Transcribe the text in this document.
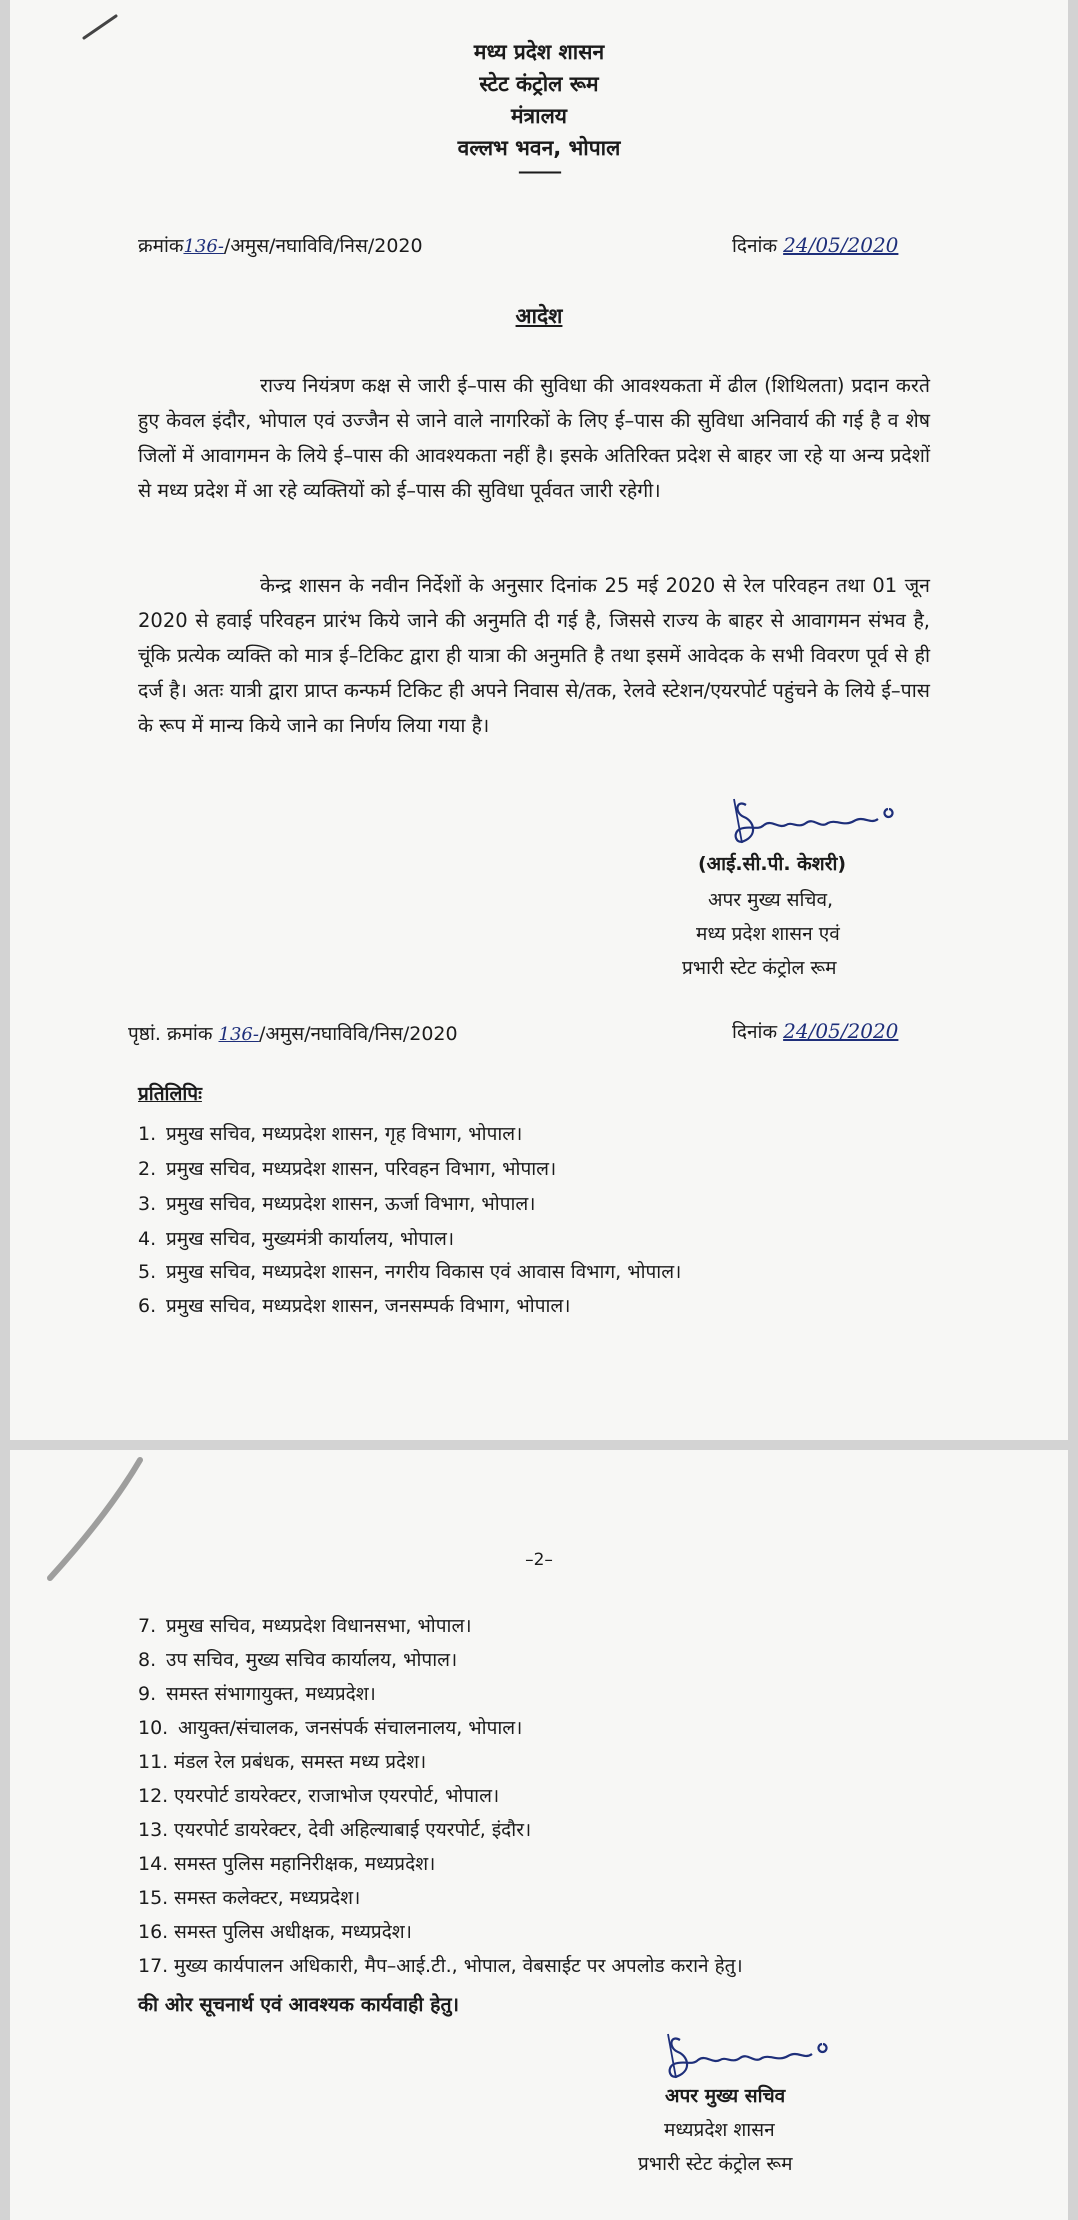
मध्य प्रदेश शासन

स्टेट कंट्रोल रूम

मंत्रालय

वल्लभ भवन, भोपाल

———

क्रमांक136-/अमुस/नघाविवि/निस/2020	दिनांक 24/05/2020

आदेश

राज्य नियंत्रण कक्ष से जारी ई–पास की सुविधा की आवश्यकता में ढील (शिथिलता) प्रदान करते हुए केवल इंदौर, भोपाल एवं उज्जैन से जाने वाले नागरिकों के लिए ई–पास की सुविधा अनिवार्य की गई है व शेष जिलों में आवागमन के लिये ई–पास की आवश्यकता नहीं है। इसके अतिरिक्त प्रदेश से बाहर जा रहे या अन्य प्रदेशों से मध्य प्रदेश में आ रहे व्यक्तियों को ई–पास की सुविधा पूर्ववत जारी रहेगी।

केन्द्र शासन के नवीन निर्देशों के अनुसार दिनांक 25 मई 2020 से रेल परिवहन तथा 01 जून 2020 से हवाई परिवहन प्रारंभ किये जाने की अनुमति दी गई है, जिससे राज्य के बाहर से आवागमन संभव है, चूंकि प्रत्येक व्यक्ति को मात्र ई–टिकिट द्वारा ही यात्रा की अनुमति है तथा इसमें आवेदक के सभी विवरण पूर्व से ही दर्ज है। अतः यात्री द्वारा प्राप्त कन्फर्म टिकिट ही अपने निवास से/तक, रेलवे स्टेशन/एयरपोर्ट पहुंचने के लिये ई–पास के रूप में मान्य किये जाने का निर्णय लिया गया है।

(आई.सी.पी. केशरी)

अपर मुख्य सचिव,

मध्य प्रदेश शासन एवं

प्रभारी स्टेट कंट्रोल रूम

पृष्ठां. क्रमांक 136-/अमुस/नघाविवि/निस/2020	दिनांक 24/05/2020

प्रतिलिपिः

1. प्रमुख सचिव, मध्यप्रदेश शासन, गृह विभाग, भोपाल।
2. प्रमुख सचिव, मध्यप्रदेश शासन, परिवहन विभाग, भोपाल।
3. प्रमुख सचिव, मध्यप्रदेश शासन, ऊर्जा विभाग, भोपाल।
4. प्रमुख सचिव, मुख्यमंत्री कार्यालय, भोपाल।
5. प्रमुख सचिव, मध्यप्रदेश शासन, नगरीय विकास एवं आवास विभाग, भोपाल।
6. प्रमुख सचिव, मध्यप्रदेश शासन, जनसम्पर्क विभाग, भोपाल।

–2–

7. प्रमुख सचिव, मध्यप्रदेश विधानसभा, भोपाल।
8. उप सचिव, मुख्य सचिव कार्यालय, भोपाल।
9. समस्त संभागायुक्त, मध्यप्रदेश।
10. आयुक्त/संचालक, जनसंपर्क संचालनालय, भोपाल।
11. मंडल रेल प्रबंधक, समस्त मध्य प्रदेश।
12. एयरपोर्ट डायरेक्टर, राजाभोज एयरपोर्ट, भोपाल।
13. एयरपोर्ट डायरेक्टर, देवी अहिल्याबाई एयरपोर्ट, इंदौर।
14. समस्त पुलिस महानिरीक्षक, मध्यप्रदेश।
15. समस्त कलेक्टर, मध्यप्रदेश।
16. समस्त पुलिस अधीक्षक, मध्यप्रदेश।
17. मुख्य कार्यपालन अधिकारी, मैप–आई.टी., भोपाल, वेबसाईट पर अपलोड कराने हेतु।

की ओर सूचनार्थ एवं आवश्यक कार्यवाही हेतु।

अपर मुख्य सचिव

मध्यप्रदेश शासन

प्रभारी स्टेट कंट्रोल रूम
